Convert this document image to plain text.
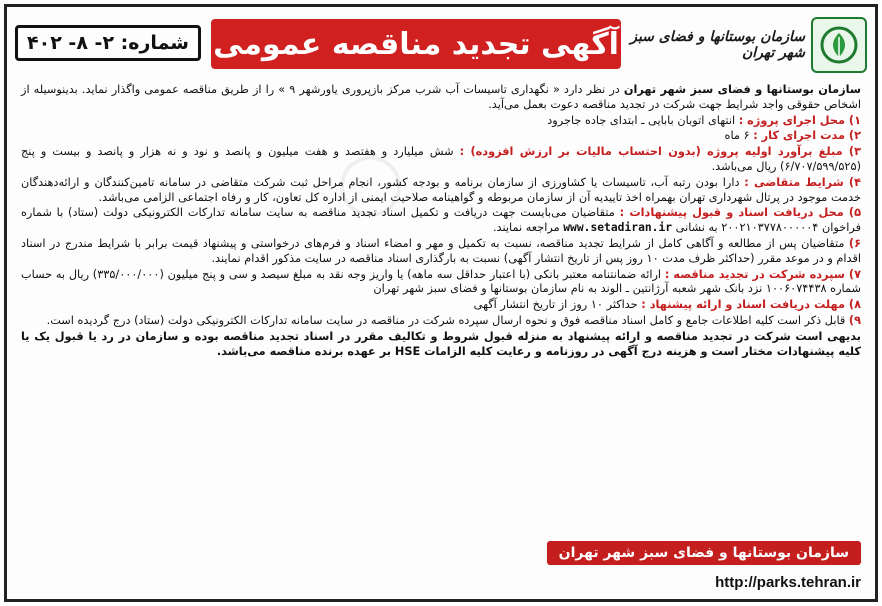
سازمان بوستانها و فضای سبز شهر تهران
آگهی تجدید مناقصه عمومی
شماره: ۲- ۸- ۴۰۲
◯

سازمان بوستانها و فضای سبز شهر تهران در نظر دارد « نگهداری تاسیسات آب شرب مرکز بازپروری یاورشهر ۹ » را از طریق مناقصه عمومی واگذار نماید. بدینوسیله از اشخاص حقوقی واجد شرایط جهت شرکت در تجدید مناقصه دعوت بعمل می‌آید.

۱) محل اجرای پروژه : انتهای اتوبان بابایی ـ ابتدای جاده جاجرود

۲) مدت اجرای کار : ۶ ماه

۳) مبلغ برآورد اولیه پروژه (بدون احتساب مالیات بر ارزش افزوده) : شش میلیارد و هفتصد و هفت میلیون و پانصد و نود و نه هزار و پانصد و بیست و پنج (۶/۷۰۷/۵۹۹/۵۲۵) ریال می‌باشد.

۴) شرایط متقاضی : دارا بودن رتبه آب، تاسیسات یا کشاورزی از سازمان برنامه و بودجه کشور، انجام مراحل ثبت شرکت متقاضی در سامانه تامین‌کنندگان و ارائه‌دهندگان خدمت موجود در پرتال شهرداری تهران بهمراه اخذ تاییدیه آن از سازمان مربوطه و گواهینامه صلاحیت ایمنی از اداره کل تعاون، کار و رفاه اجتماعی الزامی می‌باشد.

۵) محل دریافت اسناد و قبول پیشنهادات : متقاضیان می‌بایست جهت دریافت و تکمیل اسناد تجدید مناقصه به سایت سامانه تدارکات الکترونیکی دولت (ستاد) با شماره فراخوان ۲۰۰۲۱۰۳۷۷۸۰۰۰۰۰۴ به نشانی www.setadiran.ir مراجعه نمایند.

۶) متقاضیان پس از مطالعه و آگاهی کامل از شرایط تجدید مناقصه، نسبت به تکمیل و مهر و امضاء اسناد و فرم‌های درخواستی و پیشنهاد قیمت برابر با شرایط مندرج در اسناد اقدام و در موعد مقرر (حداکثر ظرف مدت ۱۰ روز پس از تاریخ انتشار آگهی) نسبت به بارگذاری اسناد مناقصه در سایت مذکور اقدام نمایند.

۷) سپرده شرکت در تجدید مناقصه : ارائه ضمانتنامه معتبر بانکی (با اعتبار حداقل سه ماهه) یا واریز وجه نقد به مبلغ سیصد و سی و پنج میلیون (۳۳۵/۰۰۰/۰۰۰) ریال به حساب شماره ۱۰۰۶۰۷۴۴۳۸ نزد بانک شهر شعبه آرژانتین ـ الوند به نام سازمان بوستانها و فضای سبز شهر تهران

۸) مهلت دریافت اسناد و ارائه پیشنهاد : حداکثر ۱۰ روز از تاریخ انتشار آگهی

۹) قابل ذکر است کلیه اطلاعات جامع و کامل اسناد مناقصه فوق و نحوه ارسال سپرده شرکت در مناقصه در سایت سامانه تدارکات الکترونیکی دولت (ستاد) درج گردیده است.

بدیهی است شرکت در تجدید مناقصه و ارائه پیشنهاد به منزله قبول شروط و تکالیف مقرر در اسناد تجدید مناقصه بوده و سازمان در رد یا قبول یک یا کلیه پیشنهادات مختار است و هزینه درج آگهی در روزنامه و رعایت کلیه الزامات HSE بر عهده برنده مناقصه می‌باشد.

سازمان بوستانها و فضای سبز شهر تهران
http://parks.tehran.ir
